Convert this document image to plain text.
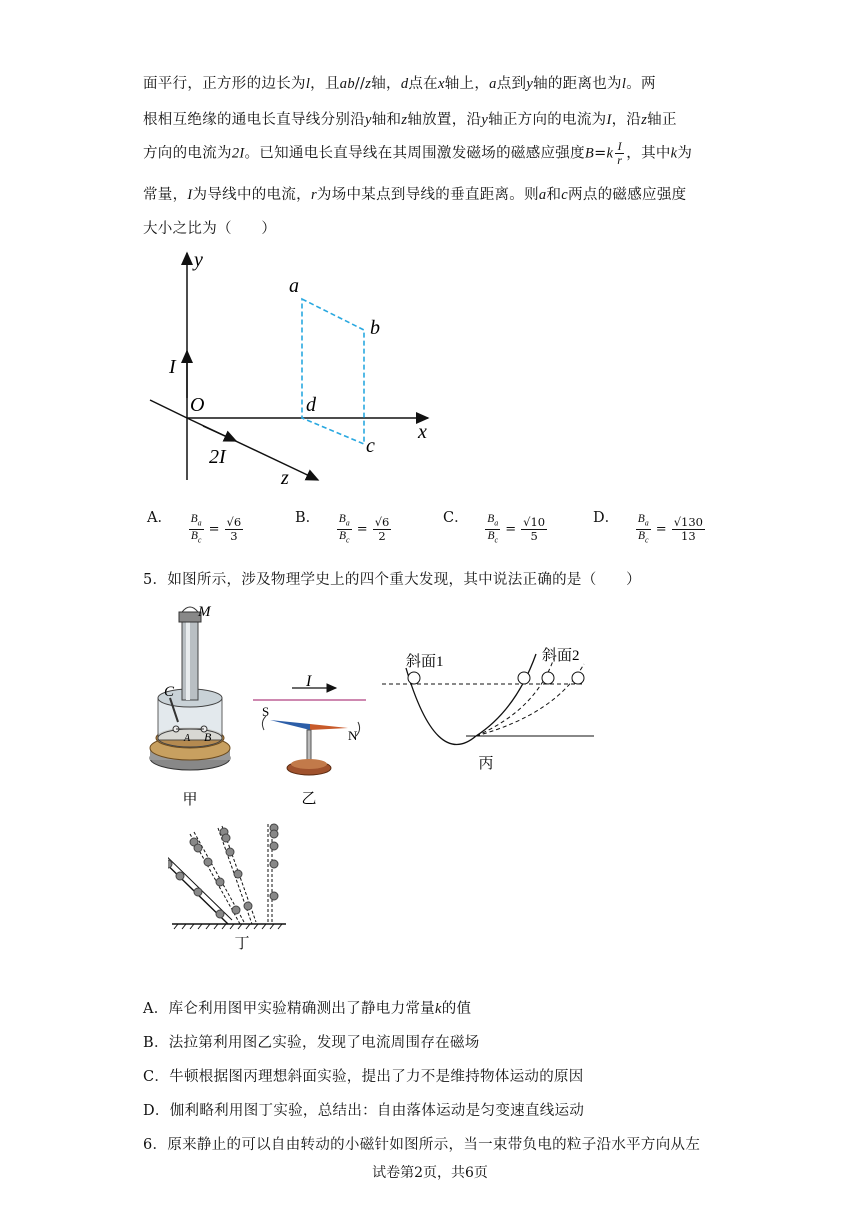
面平行，正方形的边长为l，且ab//z轴，d点在x轴上，a点到y轴的距离也为l。两
根相互绝缘的通电长直导线分别沿y轴和z轴放置，沿y轴正方向的电流为I，沿z轴正
方向的电流为2I。已知通电长直导线在其周围激发磁场的磁感应强度$B=k \frac{I}{r}$ ，其中k为
常量，I为导线中的电流，r为场中某点到导线的垂直距离。则a和c两点的磁感应强度
大小之比为（　　）
y
x
z
O
I
2I
a
b
c
d
A． $\frac{B_a}{B_c} = \frac{√6}{3}$	B． $\frac{B_a}{B_c} = \frac{√6}{2}$	C． $\frac{B_a}{B_c} = \frac{√10}{5}$	D． $\frac{B_a}{B_c} = \frac{√130}{13}$
5．如图所示，涉及物理学史上的四个重大发现，其中说法正确的是（　　）
M
C
A B
甲
I
S
N
乙
斜面1	斜面2
丙
丁
A．库仑利用图甲实验精确测出了静电力常量k的值
B．法拉第利用图乙实验，发现了电流周围存在磁场
C．牛顿根据图丙理想斜面实验，提出了力不是维持物体运动的原因
D．伽利略利用图丁实验，总结出：自由落体运动是匀变速直线运动
6．原来静止的可以自由转动的小磁针如图所示，当一束带负电的粒子沿水平方向从左
试卷第2页，共6页
